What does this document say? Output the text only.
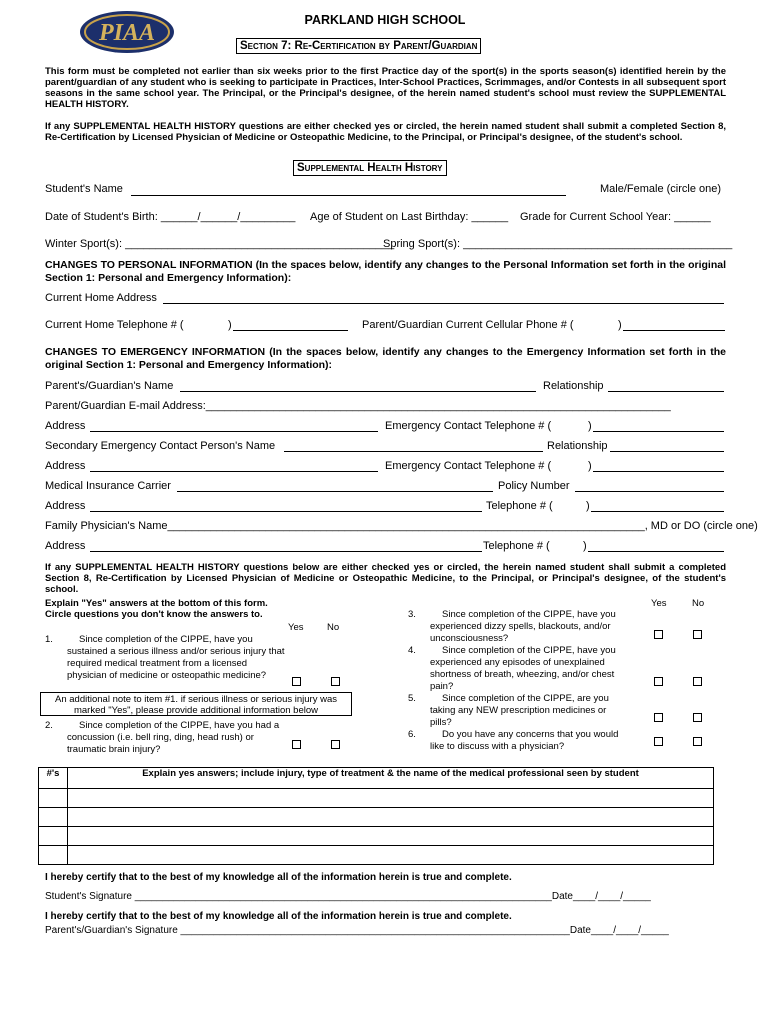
PIAA	PARKLAND HIGH SCHOOL
Section 7: Re-Certification by Parent/Guardian
This form must be completed not earlier than six weeks prior to the first Practice day of the sport(s) in the sports season(s) identified herein by the parent/guardian of any student who is seeking to participate in Practices, Inter-School Practices, Scrimmages, and/or Contests in all subsequent sport seasons in the same school year. The Principal, or the Principal's designee, of the herein named student's school must review the SUPPLEMENTAL HEALTH HISTORY.
If any SUPPLEMENTAL HEALTH HISTORY questions are either checked yes or circled, the herein named student shall submit a completed Section 8, Re-Certification by Licensed Physician of Medicine or Osteopathic Medicine, to the Principal, or Principal's designee, of the student's school.
Supplemental Health History
Student's Name	Male/Female (circle one)
Date of Student's Birth: ______/______/_________ Age of Student on Last Birthday: ______ Grade for Current School Year: ______
Winter Sport(s): ____________________________________________
Spring Sport(s): ____________________________________________
CHANGES TO PERSONAL INFORMATION (In the spaces below, identify any changes to the Personal Information set forth in the original Section 1: Personal and Emergency Information):
Current Home Address
Current Home Telephone # (	)	Parent/Guardian Current Cellular Phone # (	)
CHANGES TO EMERGENCY INFORMATION (In the spaces below, identify any changes to the Emergency Information set forth in the original Section 1: Personal and Emergency Information):
Parent's/Guardian's Name	Relationship
Parent/Guardian E-mail Address:____________________________________________________________________________
Address	Emergency Contact Telephone # (	)
Secondary Emergency Contact Person's Name	Relationship
Address	Emergency Contact Telephone # (	)
Medical Insurance Carrier	Policy Number
Address	Telephone # (	)
Family Physician's Name______________________________________________________________________________, MD or DO (circle one)
Address	Telephone # (	)
If any SUPPLEMENTAL HEALTH HISTORY questions below are either checked yes or circled, the herein named student shall submit a completed Section 8, Re-Certification by Licensed Physician of Medicine or Osteopathic Medicine, to the Principal, or Principal's designee, of the student's school.
Explain "Yes" answers at the bottom of this form.
Circle questions you don't know the answers to.
Yes No
Yes	No
1.	Since completion of the CIPPE, have you sustained a serious illness and/or serious injury that required medical treatment from a licensed physician of medicine or osteopathic medicine?
An additional note to item #1. if serious illness or serious injury was marked "Yes", please provide additional information below
2.	Since completion of the CIPPE, have you had a concussion (i.e. bell ring, ding, head rush) or traumatic brain injury?
3.	Since completion of the CIPPE, have you experienced dizzy spells, blackouts, and/or unconsciousness?
4.	Since completion of the CIPPE, have you experienced any episodes of unexplained shortness of breath, wheezing, and/or chest pain?
5.	Since completion of the CIPPE, are you taking any NEW prescription medicines or pills?
6.	Do you have any concerns that you would like to discuss with a physician?
#'s	Explain yes answers; include injury, type of treatment & the name of the medical professional seen by student

I hereby certify that to the best of my knowledge all of the information herein is true and complete.
Student's Signature ___________________________________________________________________________Date____/____/_____
I hereby certify that to the best of my knowledge all of the information herein is true and complete.
Parent's/Guardian's Signature ______________________________________________________________________Date____/____/_____
